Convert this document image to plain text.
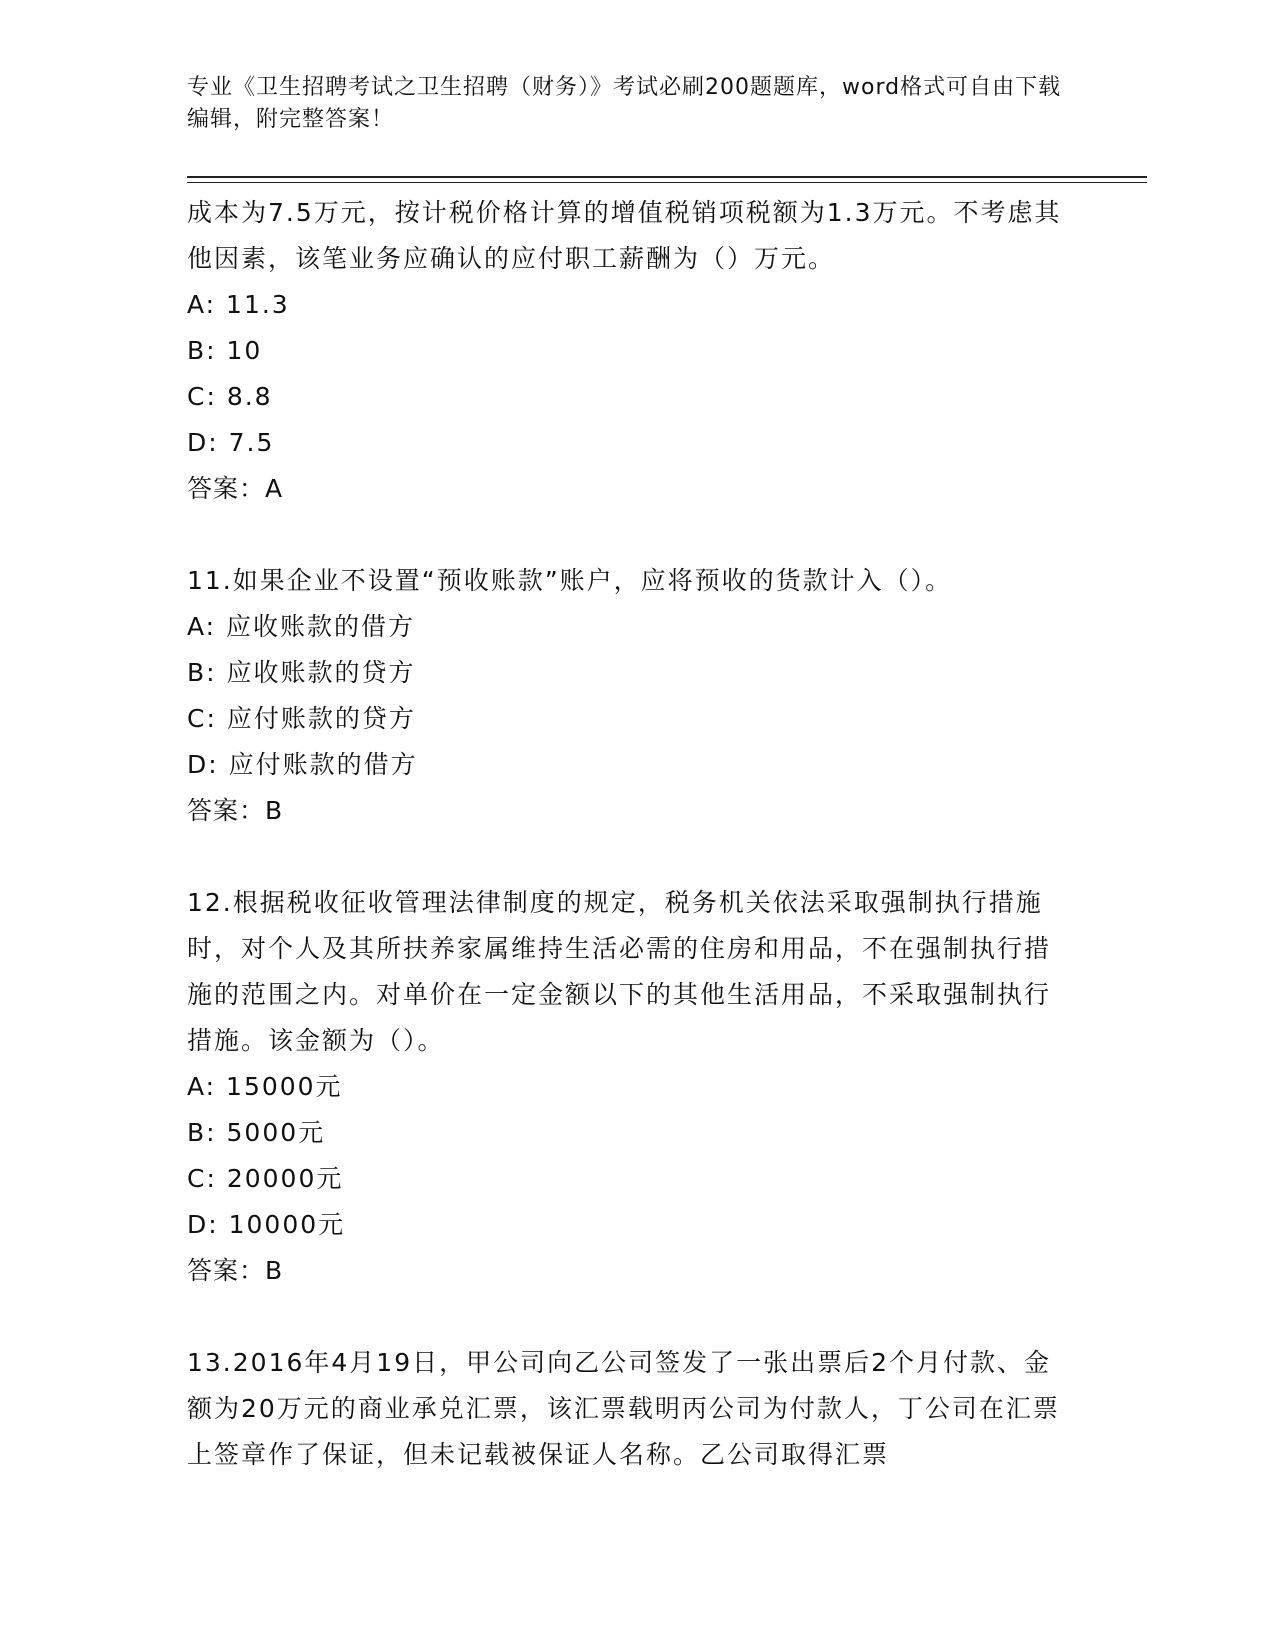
专业《卫生招聘考试之卫生招聘（财务）》考试必刷200题题库，word格式可自由下载编辑，附完整答案！

成本为7.5万元，按计税价格计算的增值税销项税额为1.3万元。不考虑其他因素，该笔业务应确认的应付职工薪酬为（）万元。

A: 11.3

B: 10

C: 8.8

D: 7.5

答案：A

11.如果企业不设置“预收账款”账户，应将预收的货款计入（）。

A: 应收账款的借方

B: 应收账款的贷方

C: 应付账款的贷方

D: 应付账款的借方

答案：B

12.根据税收征收管理法律制度的规定，税务机关依法采取强制执行措施时，对个人及其所扶养家属维持生活必需的住房和用品，不在强制执行措施的范围之内。对单价在一定金额以下的其他生活用品，不采取强制执行措施。该金额为（）。

A: 15000元

B: 5000元

C: 20000元

D: 10000元

答案：B

13.2016年4月19日，甲公司向乙公司签发了一张出票后2个月付款、金额为20万元的商业承兑汇票，该汇票载明丙公司为付款人，丁公司在汇票上签章作了保证，但未记载被保证人名称。乙公司取得汇票
